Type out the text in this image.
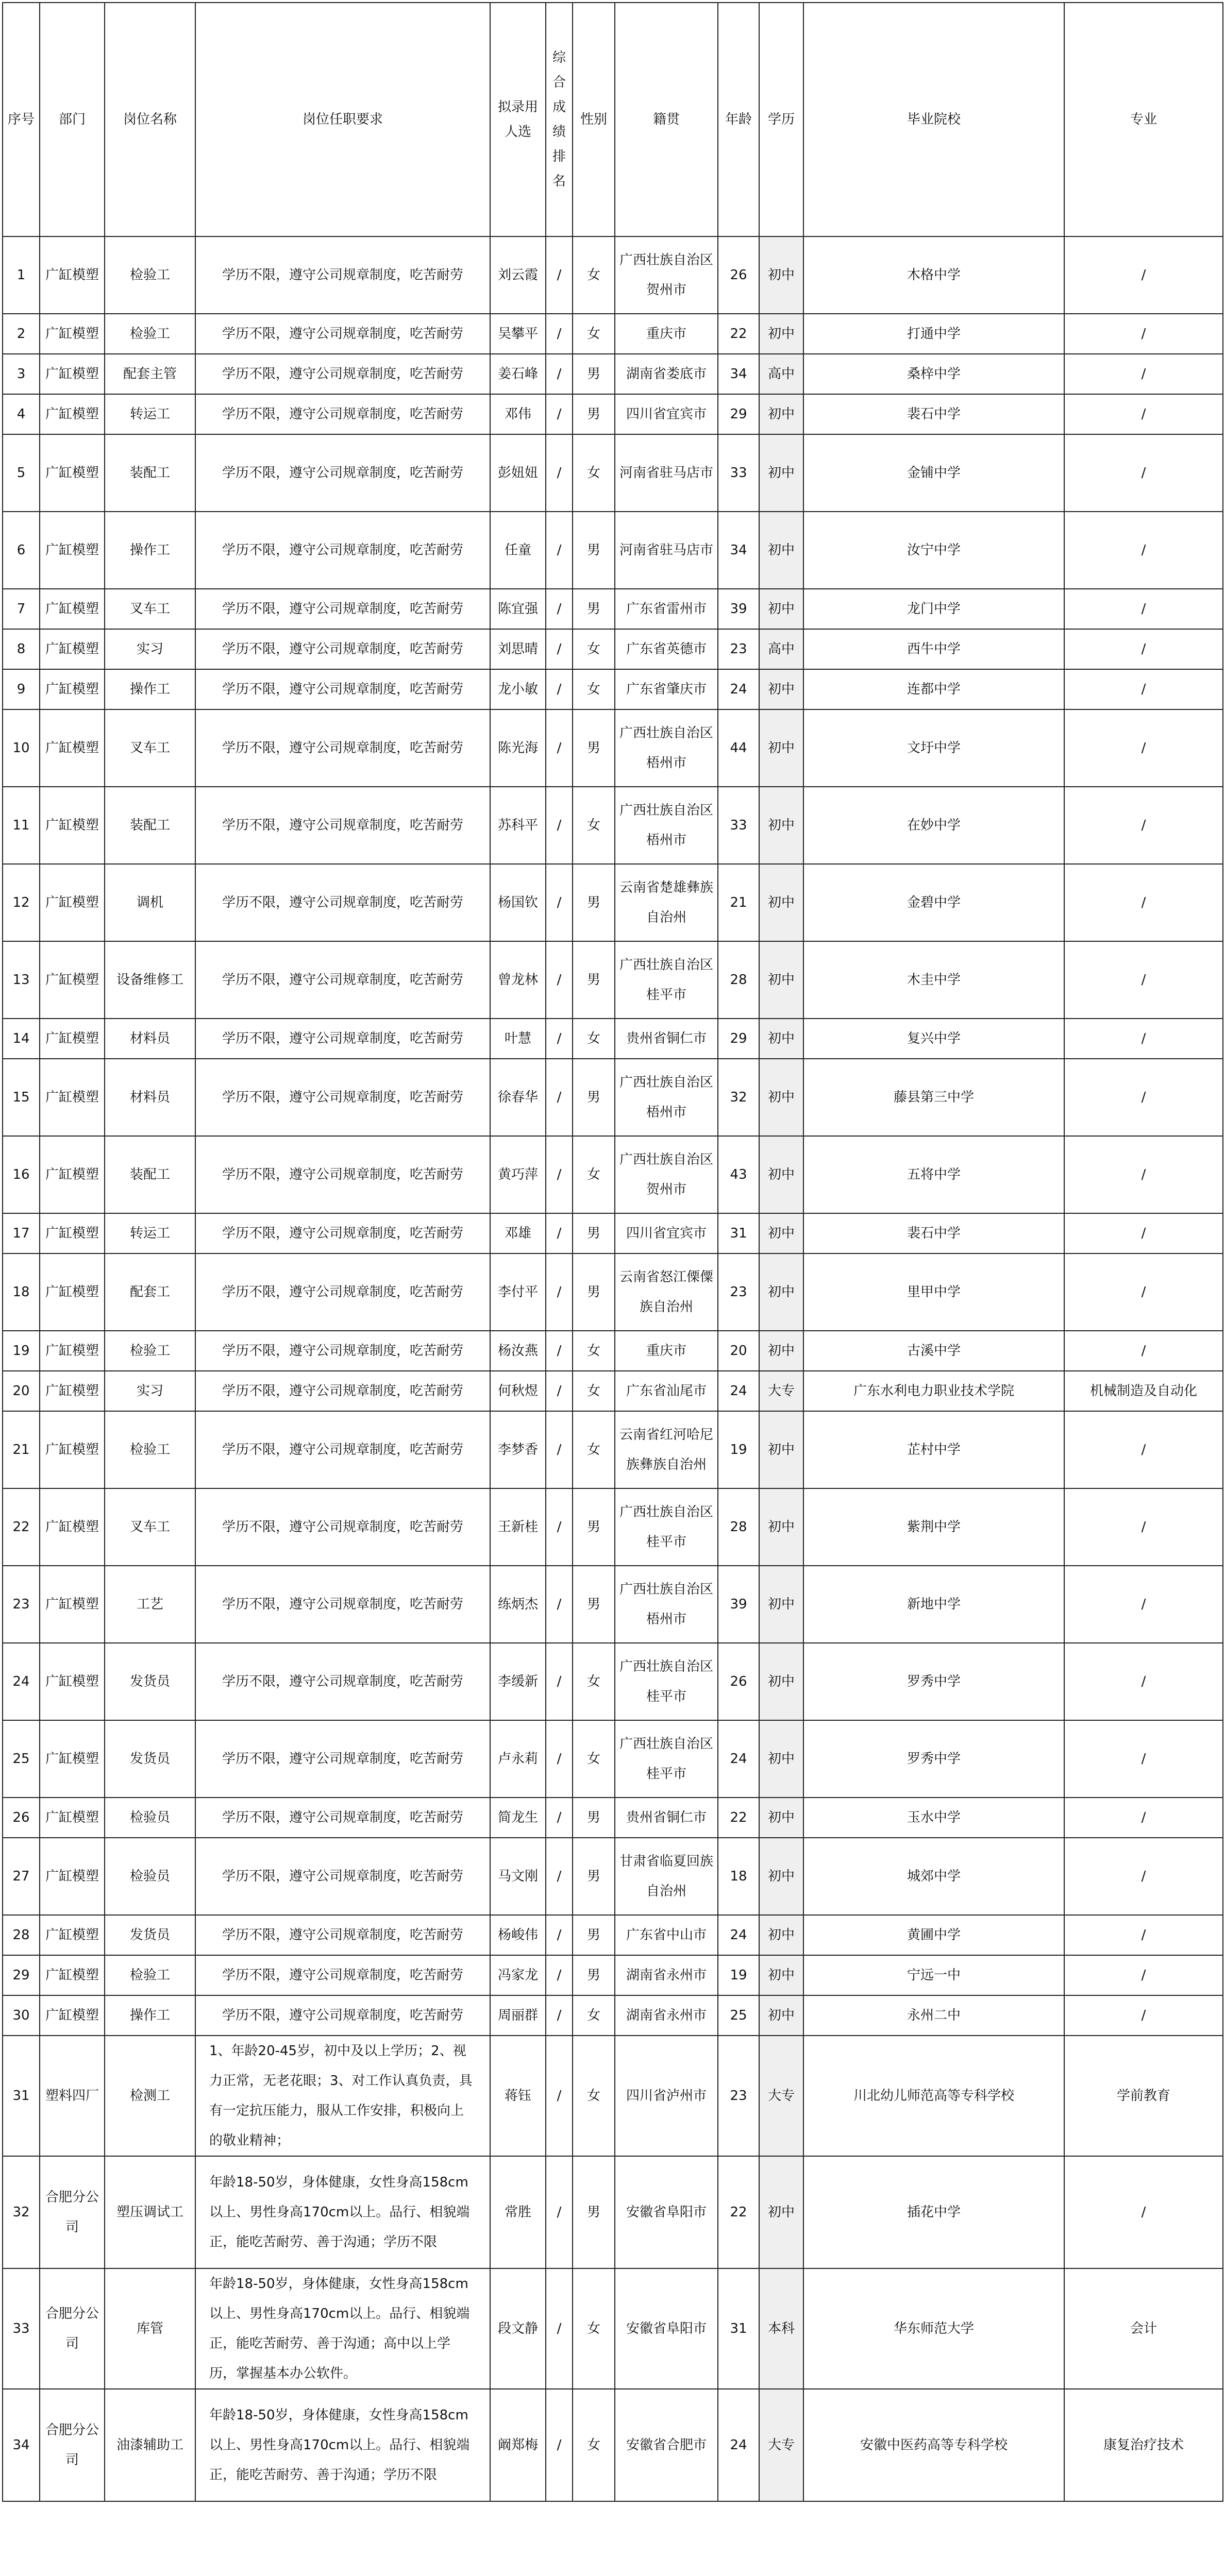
序号	部门	岗位名称	岗位任职要求	拟录用人选	综合成绩排名	性别	籍贯	年龄	学历	毕业院校	专业
1	广缸模塑	检验工	学历不限，遵守公司规章制度，吃苦耐劳	刘云霞	/	女	广西壮族自治区贺州市	26	初中	木格中学	/
2	广缸模塑	检验工	学历不限，遵守公司规章制度，吃苦耐劳	吴攀平	/	女	重庆市	22	初中	打通中学	/
3	广缸模塑	配套主管	学历不限，遵守公司规章制度，吃苦耐劳	姜石峰	/	男	湖南省娄底市	34	高中	桑梓中学	/
4	广缸模塑	转运工	学历不限，遵守公司规章制度，吃苦耐劳	邓伟	/	男	四川省宜宾市	29	初中	裴石中学	/
5	广缸模塑	装配工	学历不限，遵守公司规章制度，吃苦耐劳	彭妞妞	/	女	河南省驻马店市	33	初中	金铺中学	/
6	广缸模塑	操作工	学历不限，遵守公司规章制度，吃苦耐劳	任童	/	男	河南省驻马店市	34	初中	汝宁中学	/
7	广缸模塑	叉车工	学历不限，遵守公司规章制度，吃苦耐劳	陈宜强	/	男	广东省雷州市	39	初中	龙门中学	/
8	广缸模塑	实习	学历不限，遵守公司规章制度，吃苦耐劳	刘思晴	/	女	广东省英德市	23	高中	西牛中学	/
9	广缸模塑	操作工	学历不限，遵守公司规章制度，吃苦耐劳	龙小敏	/	女	广东省肇庆市	24	初中	连都中学	/
10	广缸模塑	叉车工	学历不限，遵守公司规章制度，吃苦耐劳	陈光海	/	男	广西壮族自治区梧州市	44	初中	文圩中学	/
11	广缸模塑	装配工	学历不限，遵守公司规章制度，吃苦耐劳	苏科平	/	女	广西壮族自治区梧州市	33	初中	在妙中学	/
12	广缸模塑	调机	学历不限，遵守公司规章制度，吃苦耐劳	杨国钦	/	男	云南省楚雄彝族自治州	21	初中	金碧中学	/
13	广缸模塑	设备维修工	学历不限，遵守公司规章制度，吃苦耐劳	曾龙林	/	男	广西壮族自治区桂平市	28	初中	木圭中学	/
14	广缸模塑	材料员	学历不限，遵守公司规章制度，吃苦耐劳	叶慧	/	女	贵州省铜仁市	29	初中	复兴中学	/
15	广缸模塑	材料员	学历不限，遵守公司规章制度，吃苦耐劳	徐春华	/	男	广西壮族自治区梧州市	32	初中	藤县第三中学	/
16	广缸模塑	装配工	学历不限，遵守公司规章制度，吃苦耐劳	黄巧萍	/	女	广西壮族自治区贺州市	43	初中	五将中学	/
17	广缸模塑	转运工	学历不限，遵守公司规章制度，吃苦耐劳	邓雄	/	男	四川省宜宾市	31	初中	裴石中学	/
18	广缸模塑	配套工	学历不限，遵守公司规章制度，吃苦耐劳	李付平	/	男	云南省怒江傈僳族自治州	23	初中	里甲中学	/
19	广缸模塑	检验工	学历不限，遵守公司规章制度，吃苦耐劳	杨汝燕	/	女	重庆市	20	初中	古溪中学	/
20	广缸模塑	实习	学历不限，遵守公司规章制度，吃苦耐劳	何秋煜	/	女	广东省汕尾市	24	大专	广东水利电力职业技术学院	机械制造及自动化
21	广缸模塑	检验工	学历不限，遵守公司规章制度，吃苦耐劳	李梦香	/	女	云南省红河哈尼族彝族自治州	19	初中	芷村中学	/
22	广缸模塑	叉车工	学历不限，遵守公司规章制度，吃苦耐劳	王新桂	/	男	广西壮族自治区桂平市	28	初中	紫荆中学	/
23	广缸模塑	工艺	学历不限，遵守公司规章制度，吃苦耐劳	练炳杰	/	男	广西壮族自治区梧州市	39	初中	新地中学	/
24	广缸模塑	发货员	学历不限，遵守公司规章制度，吃苦耐劳	李缓新	/	女	广西壮族自治区桂平市	26	初中	罗秀中学	/
25	广缸模塑	发货员	学历不限，遵守公司规章制度，吃苦耐劳	卢永莉	/	女	广西壮族自治区桂平市	24	初中	罗秀中学	/
26	广缸模塑	检验员	学历不限，遵守公司规章制度，吃苦耐劳	简龙生	/	男	贵州省铜仁市	22	初中	玉水中学	/
27	广缸模塑	检验员	学历不限，遵守公司规章制度，吃苦耐劳	马文刚	/	男	甘肃省临夏回族自治州	18	初中	城郊中学	/
28	广缸模塑	发货员	学历不限，遵守公司规章制度，吃苦耐劳	杨峻伟	/	男	广东省中山市	24	初中	黄圃中学	/
29	广缸模塑	检验工	学历不限，遵守公司规章制度，吃苦耐劳	冯家龙	/	男	湖南省永州市	19	初中	宁远一中	/
30	广缸模塑	操作工	学历不限，遵守公司规章制度，吃苦耐劳	周丽群	/	女	湖南省永州市	25	初中	永州二中	/
31	塑料四厂	检测工	1、年龄20-45岁，初中及以上学历；2、视力正常，无老花眼；3、对工作认真负责，具有一定抗压能力，服从工作安排，积极向上的敬业精神；	蒋钰	/	女	四川省泸州市	23	大专	川北幼儿师范高等专科学校	学前教育
32	合肥分公司	塑压调试工	年龄18-50岁，身体健康，女性身高158cm以上、男性身高170cm以上。品行、相貌端正，能吃苦耐劳、善于沟通；学历不限	常胜	/	男	安徽省阜阳市	22	初中	插花中学	/
33	合肥分公司	库管	年龄18-50岁，身体健康，女性身高158cm以上、男性身高170cm以上。品行、相貌端正，能吃苦耐劳、善于沟通；高中以上学历，掌握基本办公软件。	段文静	/	女	安徽省阜阳市	31	本科	华东师范大学	会计
34	合肥分公司	油漆辅助工	年龄18-50岁，身体健康，女性身高158cm以上、男性身高170cm以上。品行、相貌端正，能吃苦耐劳、善于沟通；学历不限	阚郑梅	/	女	安徽省合肥市	24	大专	安徽中医药高等专科学校	康复治疗技术
